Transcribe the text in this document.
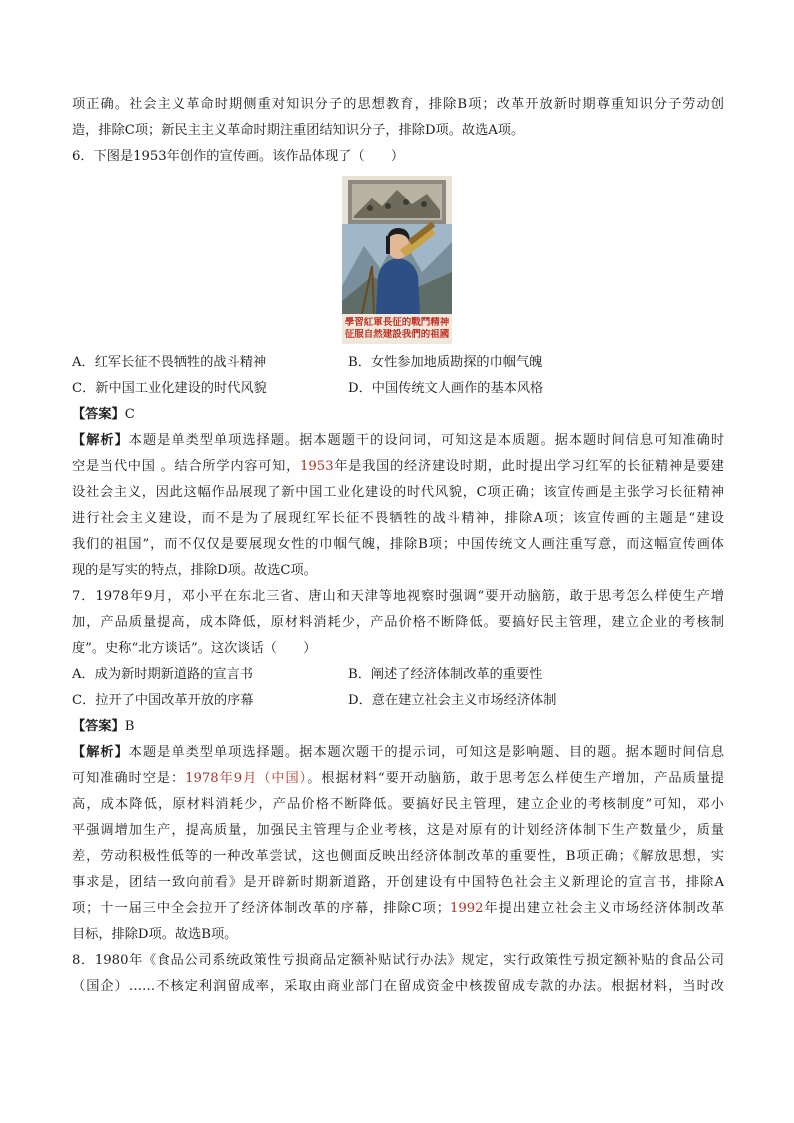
项正确。社会主义革命时期侧重对知识分子的思想教育，排除B项；改革开放新时期尊重知识分子劳动创
造，排除C项；新民主主义革命时期注重团结知识分子，排除D项。故选A项。
6．下图是1953年创作的宣传画。该作品体现了（　　）
學習紅軍長征的戰鬥精神
征服自然建設我們的祖國
A．红军长征不畏牺牲的战斗精神	B．女性参加地质勘探的巾帼气魄
C．新中国工业化建设的时代风貌	D．中国传统文人画作的基本风格
【答案】C
【解析】本题是单类型单项选择题。据本题题干的设问词，可知这是本质题。据本题时间信息可知准确时
空是当代中国 。结合所学内容可知，1953年是我国的经济建设时期，此时提出学习红军的长征精神是要建
设社会主义，因此这幅作品展现了新中国工业化建设的时代风貌，C项正确；该宣传画是主张学习长征精神
进行社会主义建设，而不是为了展现红军长征不畏牺牲的战斗精神，排除A项；该宣传画的主题是“建设
我们的祖国”，而不仅仅是要展现女性的巾帼气魄，排除B项；中国传统文人画注重写意，而这幅宣传画体
现的是写实的特点，排除D项。故选C项。
7．1978年9月，邓小平在东北三省、唐山和天津等地视察时强调“要开动脑筋，敢于思考怎么样使生产增
加，产品质量提高，成本降低，原材料消耗少，产品价格不断降低。要搞好民主管理，建立企业的考核制
度”。史称“北方谈话”。这次谈话（　　）
A．成为新时期新道路的宣言书	B．阐述了经济体制改革的重要性
C．拉开了中国改革开放的序幕	D．意在建立社会主义市场经济体制
【答案】B
【解析】本题是单类型单项选择题。据本题次题干的提示词，可知这是影响题、目的题。据本题时间信息
可知准确时空是：1978年9月（中国）。根据材料“要开动脑筋，敢于思考怎么样使生产增加，产品质量提
高，成本降低，原材料消耗少，产品价格不断降低。要搞好民主管理，建立企业的考核制度”可知，邓小
平强调增加生产，提高质量，加强民主管理与企业考核，这是对原有的计划经济体制下生产数量少，质量
差，劳动积极性低等的一种改革尝试，这也侧面反映出经济体制改革的重要性，B项正确；《解放思想，实
事求是，团结一致向前看》是开辟新时期新道路，开创建设有中国特色社会主义新理论的宣言书，排除A
项；十一届三中全会拉开了经济体制改革的序幕，排除C项；1992年提出建立社会主义市场经济体制改革
目标，排除D项。故选B项。
8．1980年《食品公司系统政策性亏损商品定额补贴试行办法》规定，实行政策性亏损定额补贴的食品公司
（国企）……不核定利润留成率，采取由商业部门在留成资金中核拨留成专款的办法。根据材料，当时改
